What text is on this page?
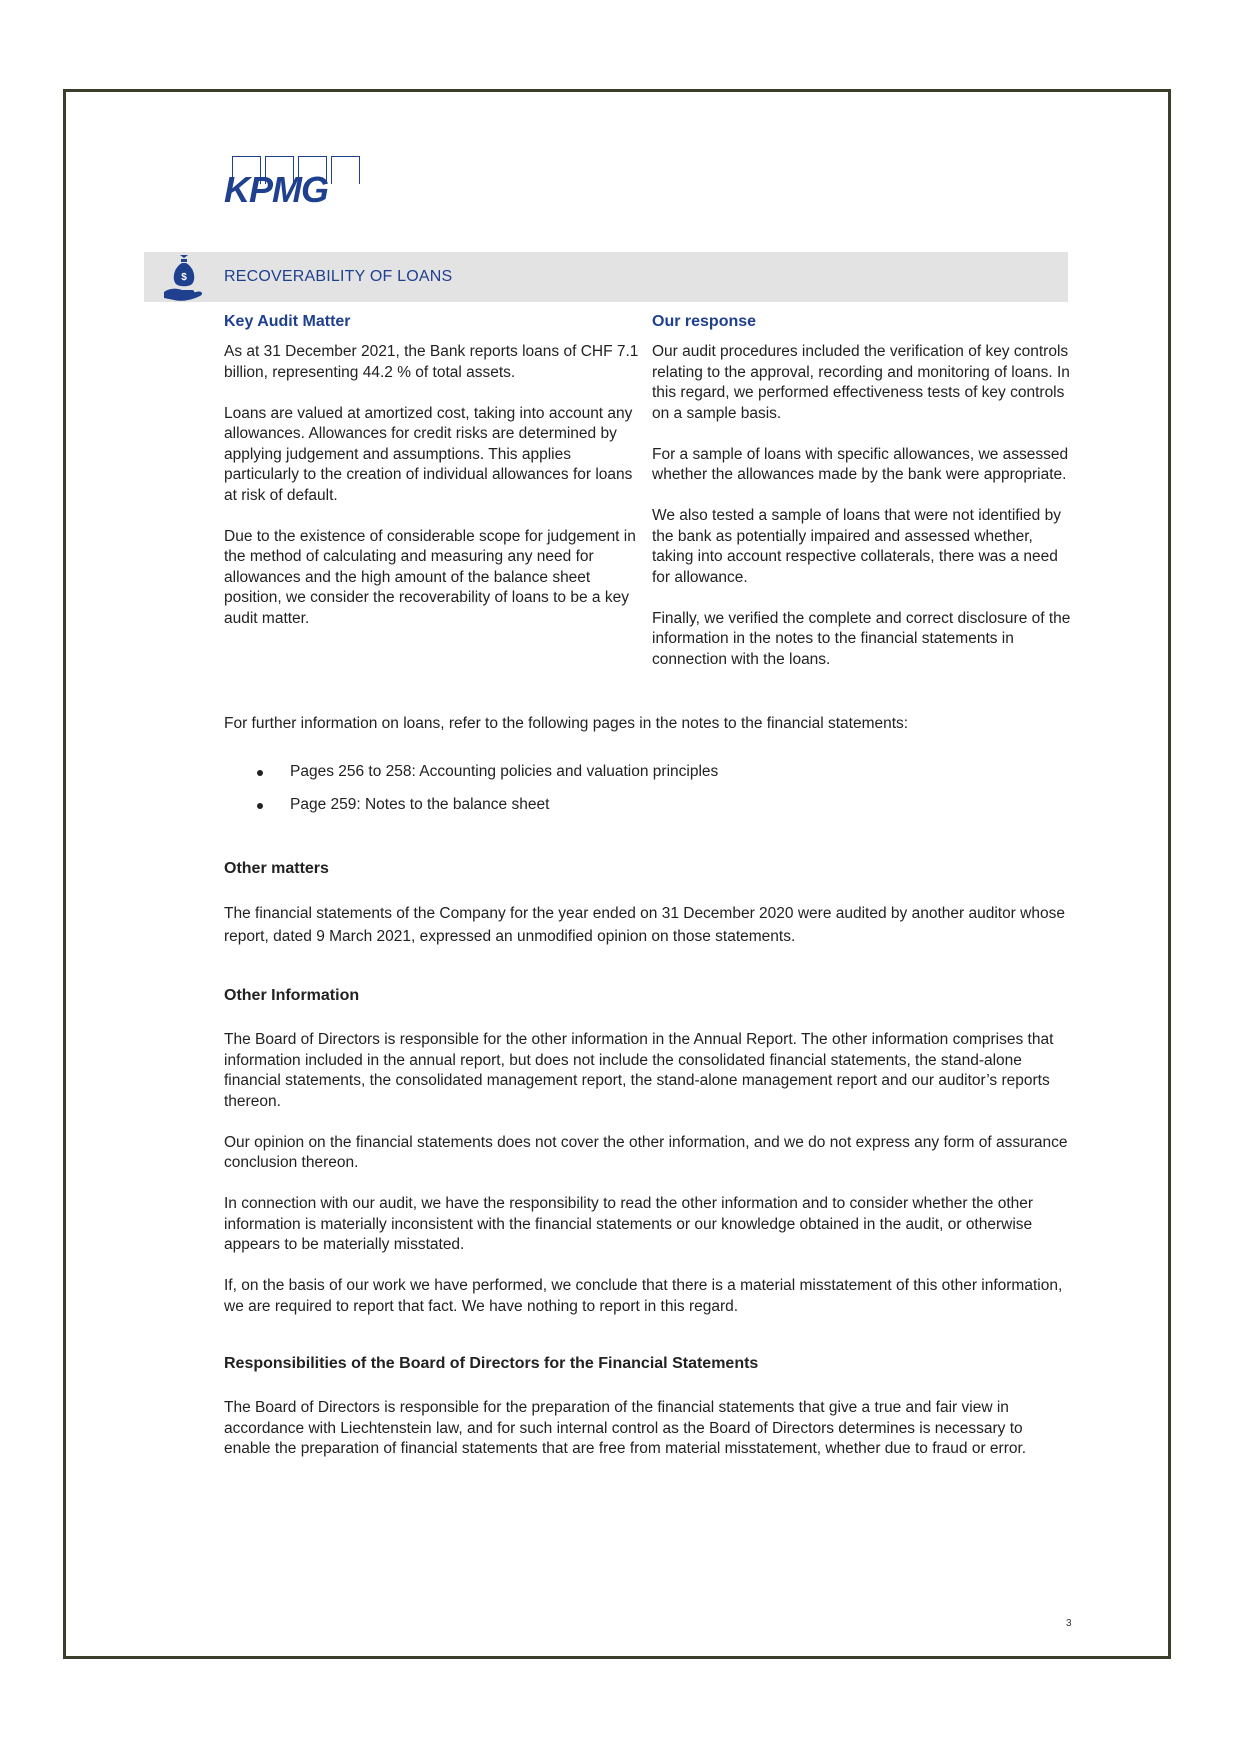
KPMG
$ RECOVERABILITY OF LOANS
Key Audit Matter

As at 31 December 2021, the Bank reports loans of CHF 7.1 billion, representing 44.2 % of total assets.

Loans are valued at amortized cost, taking into account any allowances. Allowances for credit risks are determined by applying judgement and assumptions. This applies particularly to the creation of individual allowances for loans at risk of default.

Due to the existence of considerable scope for judgement in the method of calculating and measuring any need for allowances and the high amount of the balance sheet position, we consider the recoverability of loans to be a key audit matter.

Our response

Our audit procedures included the verification of key controls relating to the approval, recording and monitoring of loans. In this regard, we performed effectiveness tests of key controls on a sample basis.

For a sample of loans with specific allowances, we assessed whether the allowances made by the bank were appropriate.

We also tested a sample of loans that were not identified by the bank as potentially impaired and assessed whether, taking into account respective collaterals, there was a need for allowance.

Finally, we verified the complete and correct disclosure of the information in the notes to the financial statements in connection with the loans.

For further information on loans, refer to the following pages in the notes to the financial statements:

Pages 256 to 258: Accounting policies and valuation principles
Page 259: Notes to the balance sheet
Other matters

The financial statements of the Company for the year ended on 31 December 2020 were audited by another auditor whose report, dated 9 March 2021, expressed an unmodified opinion on those statements.

Other Information

The Board of Directors is responsible for the other information in the Annual Report. The other information comprises that information included in the annual report, but does not include the consolidated financial statements, the stand-alone financial statements, the consolidated management report, the stand-alone management report and our auditor’s reports thereon.

Our opinion on the financial statements does not cover the other information, and we do not express any form of assurance conclusion thereon.

In connection with our audit, we have the responsibility to read the other information and to consider whether the other information is materially inconsistent with the financial statements or our knowledge obtained in the audit, or otherwise appears to be materially misstated.

If, on the basis of our work we have performed, we conclude that there is a material misstatement of this other information, we are required to report that fact. We have nothing to report in this regard.

Responsibilities of the Board of Directors for the Financial Statements

The Board of Directors is responsible for the preparation of the financial statements that give a true and fair view in accordance with Liechtenstein law, and for such internal control as the Board of Directors determines is necessary to enable the preparation of financial statements that are free from material misstatement, whether due to fraud or error.

3
